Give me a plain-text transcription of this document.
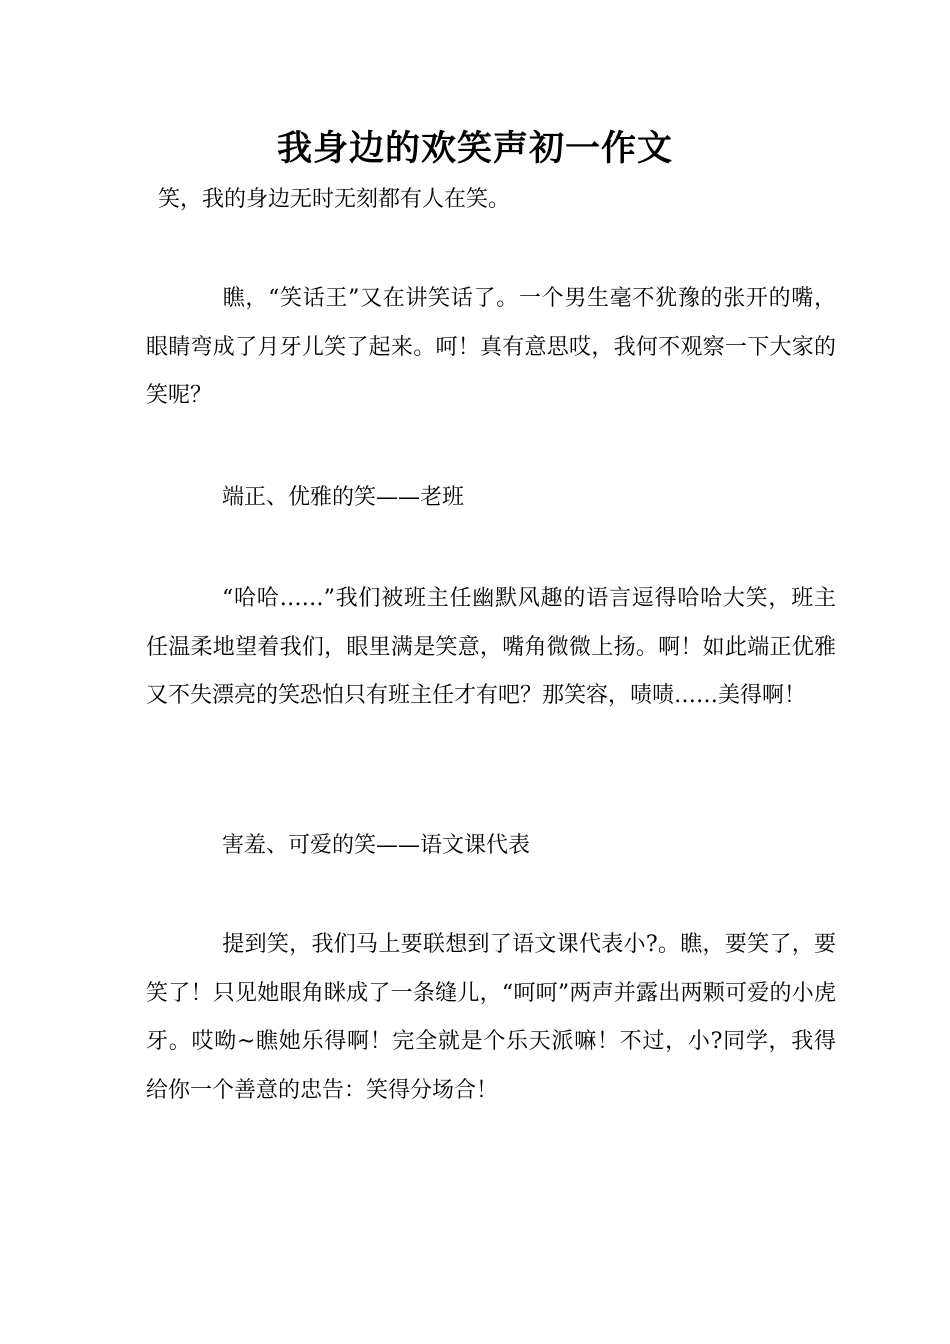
我身边的欢笑声初一作文

笑，我的身边无时无刻都有人在笑。

瞧，“笑话王”又在讲笑话了。一个男生毫不犹豫的张开的嘴，眼睛弯成了月牙儿笑了起来。呵！真有意思哎，我何不观察一下大家的笑呢？

端正、优雅的笑——老班

“哈哈……”我们被班主任幽默风趣的语言逗得哈哈大笑，班主任温柔地望着我们，眼里满是笑意，嘴角微微上扬。啊！如此端正优雅又不失漂亮的笑恐怕只有班主任才有吧？那笑容，啧啧……美得啊！

害羞、可爱的笑——语文课代表

提到笑，我们马上要联想到了语文课代表小?。瞧，要笑了，要笑了！只见她眼角眯成了一条缝儿，“呵呵”两声并露出两颗可爱的小虎牙。哎呦~瞧她乐得啊！完全就是个乐天派嘛！不过，小?同学，我得给你一个善意的忠告：笑得分场合！
